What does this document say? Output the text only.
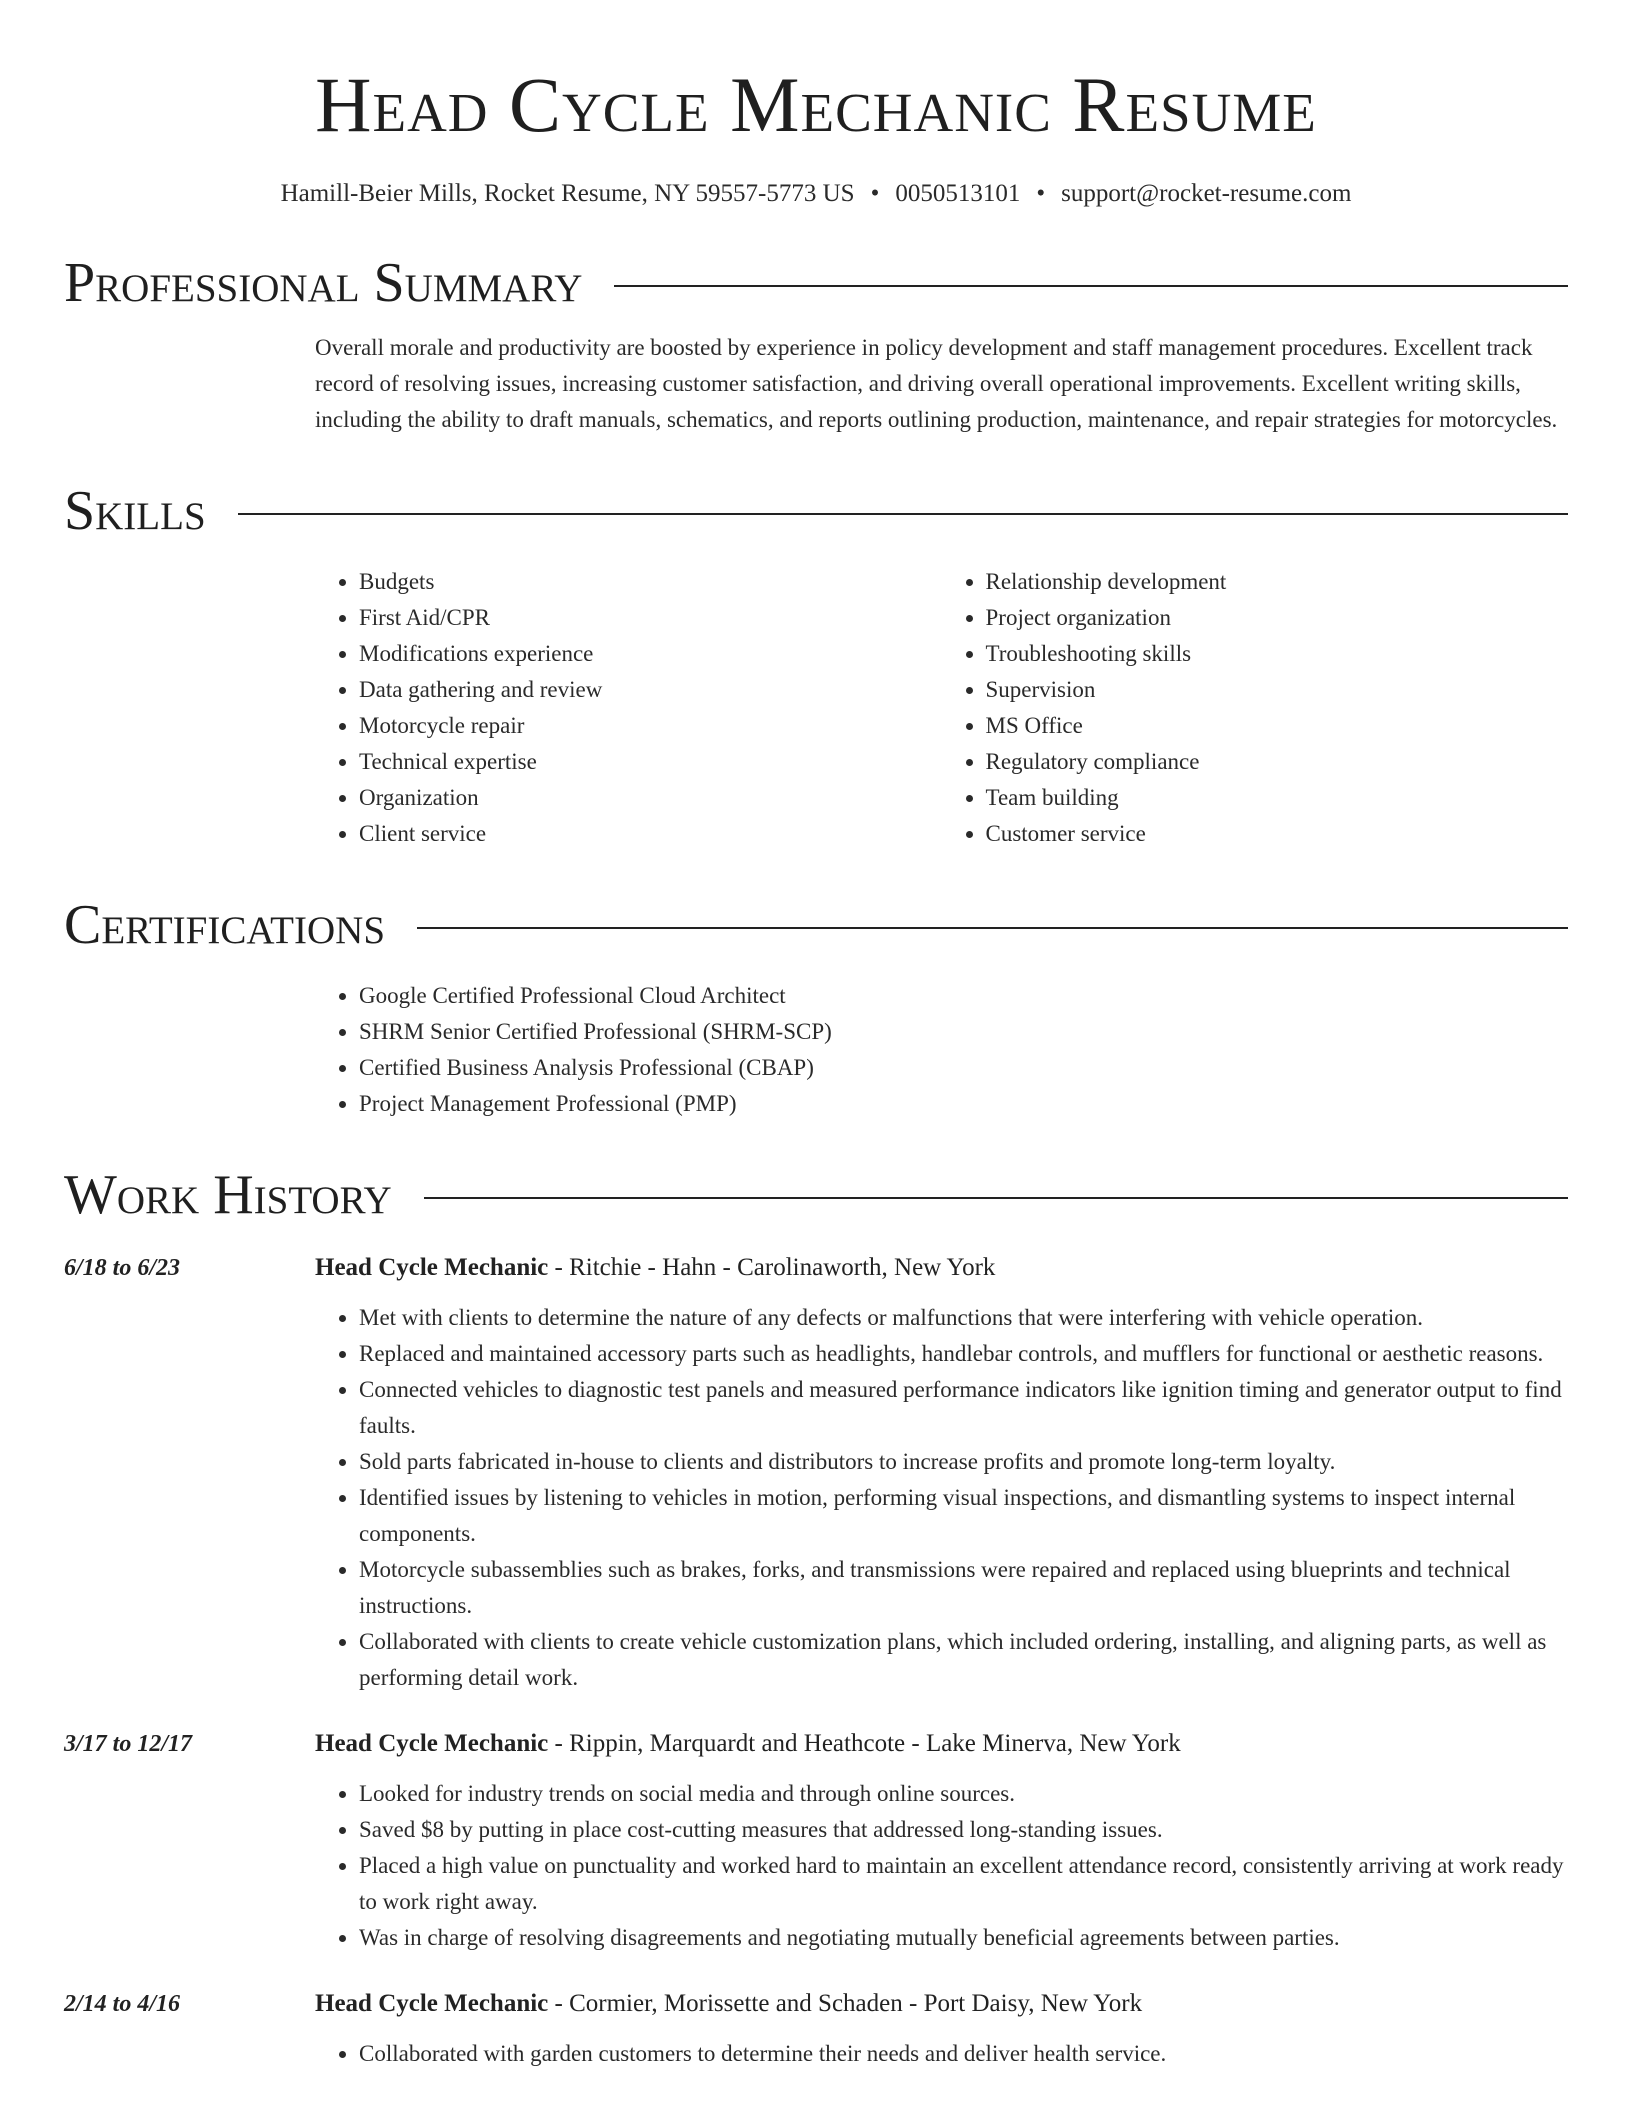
Head Cycle Mechanic Resume
Hamill-Beier Mills, Rocket Resume, NY 59557-5773 US • 0050513101 • support@rocket-resume.com
Professional Summary
Overall morale and productivity are boosted by experience in policy development and staff management procedures. Excellent track record of resolving issues, increasing customer satisfaction, and driving overall operational improvements. Excellent writing skills, including the ability to draft manuals, schematics, and reports outlining production, maintenance, and repair strategies for motorcycles.
Skills
• Budgets
• First Aid/CPR
• Modifications experience
• Data gathering and review
• Motorcycle repair
• Technical expertise
• Organization
• Client service
• Relationship development
• Project organization
• Troubleshooting skills
• Supervision
• MS Office
• Regulatory compliance
• Team building
• Customer service
Certifications
• Google Certified Professional Cloud Architect
• SHRM Senior Certified Professional (SHRM-SCP)
• Certified Business Analysis Professional (CBAP)
• Project Management Professional (PMP)
Work History
6/18 to 6/23	Head Cycle Mechanic - Ritchie - Hahn - Carolinaworth, New York
• Met with clients to determine the nature of any defects or malfunctions that were interfering with vehicle operation.
• Replaced and maintained accessory parts such as headlights, handlebar controls, and mufflers for functional or aesthetic reasons.
• Connected vehicles to diagnostic test panels and measured performance indicators like ignition timing and generator output to find faults.
• Sold parts fabricated in-house to clients and distributors to increase profits and promote long-term loyalty.
• Identified issues by listening to vehicles in motion, performing visual inspections, and dismantling systems to inspect internal components.
• Motorcycle subassemblies such as brakes, forks, and transmissions were repaired and replaced using blueprints and technical instructions.
• Collaborated with clients to create vehicle customization plans, which included ordering, installing, and aligning parts, as well as performing detail work.
3/17 to 12/17	Head Cycle Mechanic - Rippin, Marquardt and Heathcote - Lake Minerva, New York
• Looked for industry trends on social media and through online sources.
• Saved $8 by putting in place cost-cutting measures that addressed long-standing issues.
• Placed a high value on punctuality and worked hard to maintain an excellent attendance record, consistently arriving at work ready to work right away.
• Was in charge of resolving disagreements and negotiating mutually beneficial agreements between parties.
2/14 to 4/16	Head Cycle Mechanic - Cormier, Morissette and Schaden - Port Daisy, New York
• Collaborated with garden customers to determine their needs and deliver health service.
